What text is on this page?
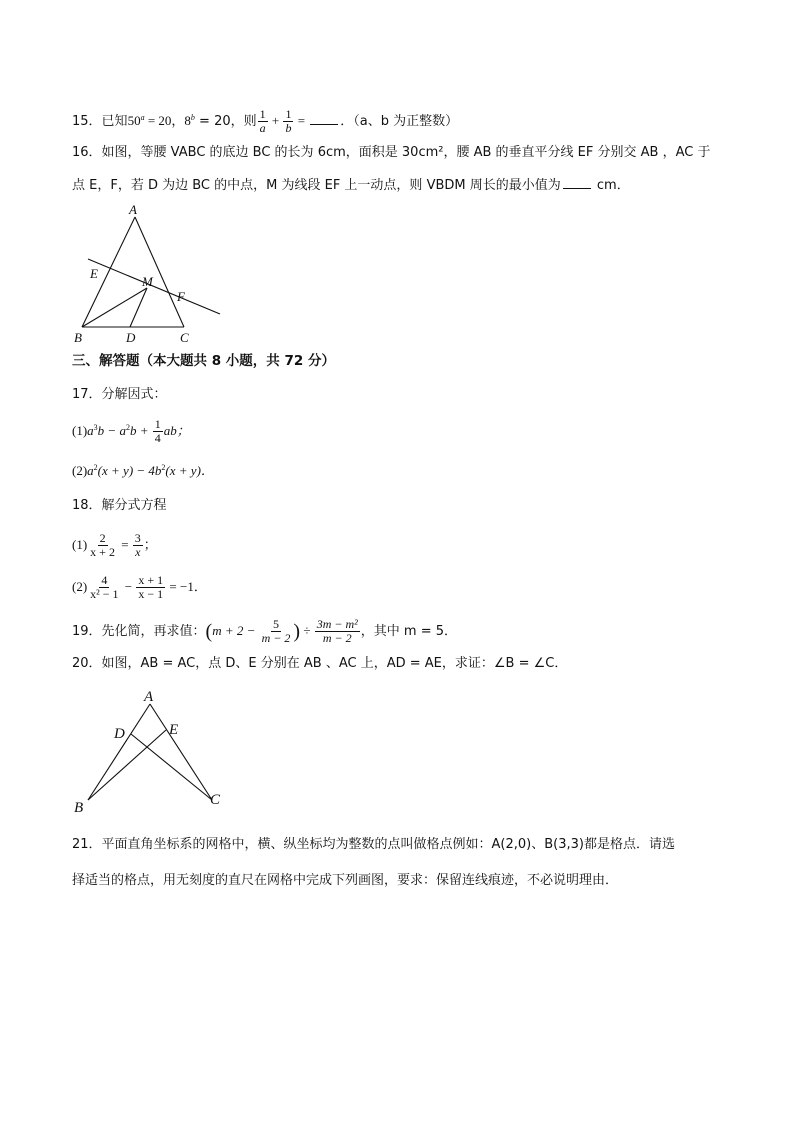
15．已知$50^a = 20$，$8^b = 20$，则 $\frac{1}{a} + \frac{1}{b}$ = ．（a、b 为正整数）
16．如图，等腰 VABC 的底边 BC 的长为 6cm，面积是 30cm²，腰 AB 的垂直平分线 EF 分别交 AB ，AC 于
点 E，F，若 D 为边 BC 的中点，M 为线段 EF 上一动点，则 VBDM 周长的最小值为 cm．
A
E
M
F
B	D	C
三、解答题（本大题共 8 小题，共 72 分）
17．分解因式：
$(1)a^3b - a^2b + \frac{1}{4}$ ab；
$(2)a^2(x + y) - 4b^2(x + y)$．
18．解分式方程
$(1) \frac{2}{x + 2} = \frac{3}{x}$ ；
$(2) \frac{4}{\text{x² − 1}} - \frac{x + 1}{x - 1} = -1$．
19．先化简，再求值：($m + 2 - \frac{5}{m - 2}$ ) ÷ $\frac{\text{3m − m²}}{m - 2}$ ，其中 m = 5．
20．如图，AB = AC，点 D、E 分别在 AB 、AC 上，AD = AE，求证：∠B = ∠C．
A
D	E
B	C
21．平面直角坐标系的网格中，横、纵坐标均为整数的点叫做格点例如：A(2,0)、B(3,3)都是格点．请选
择适当的格点，用无刻度的直尺在网格中完成下列画图，要求：保留连线痕迹，不必说明理由．
